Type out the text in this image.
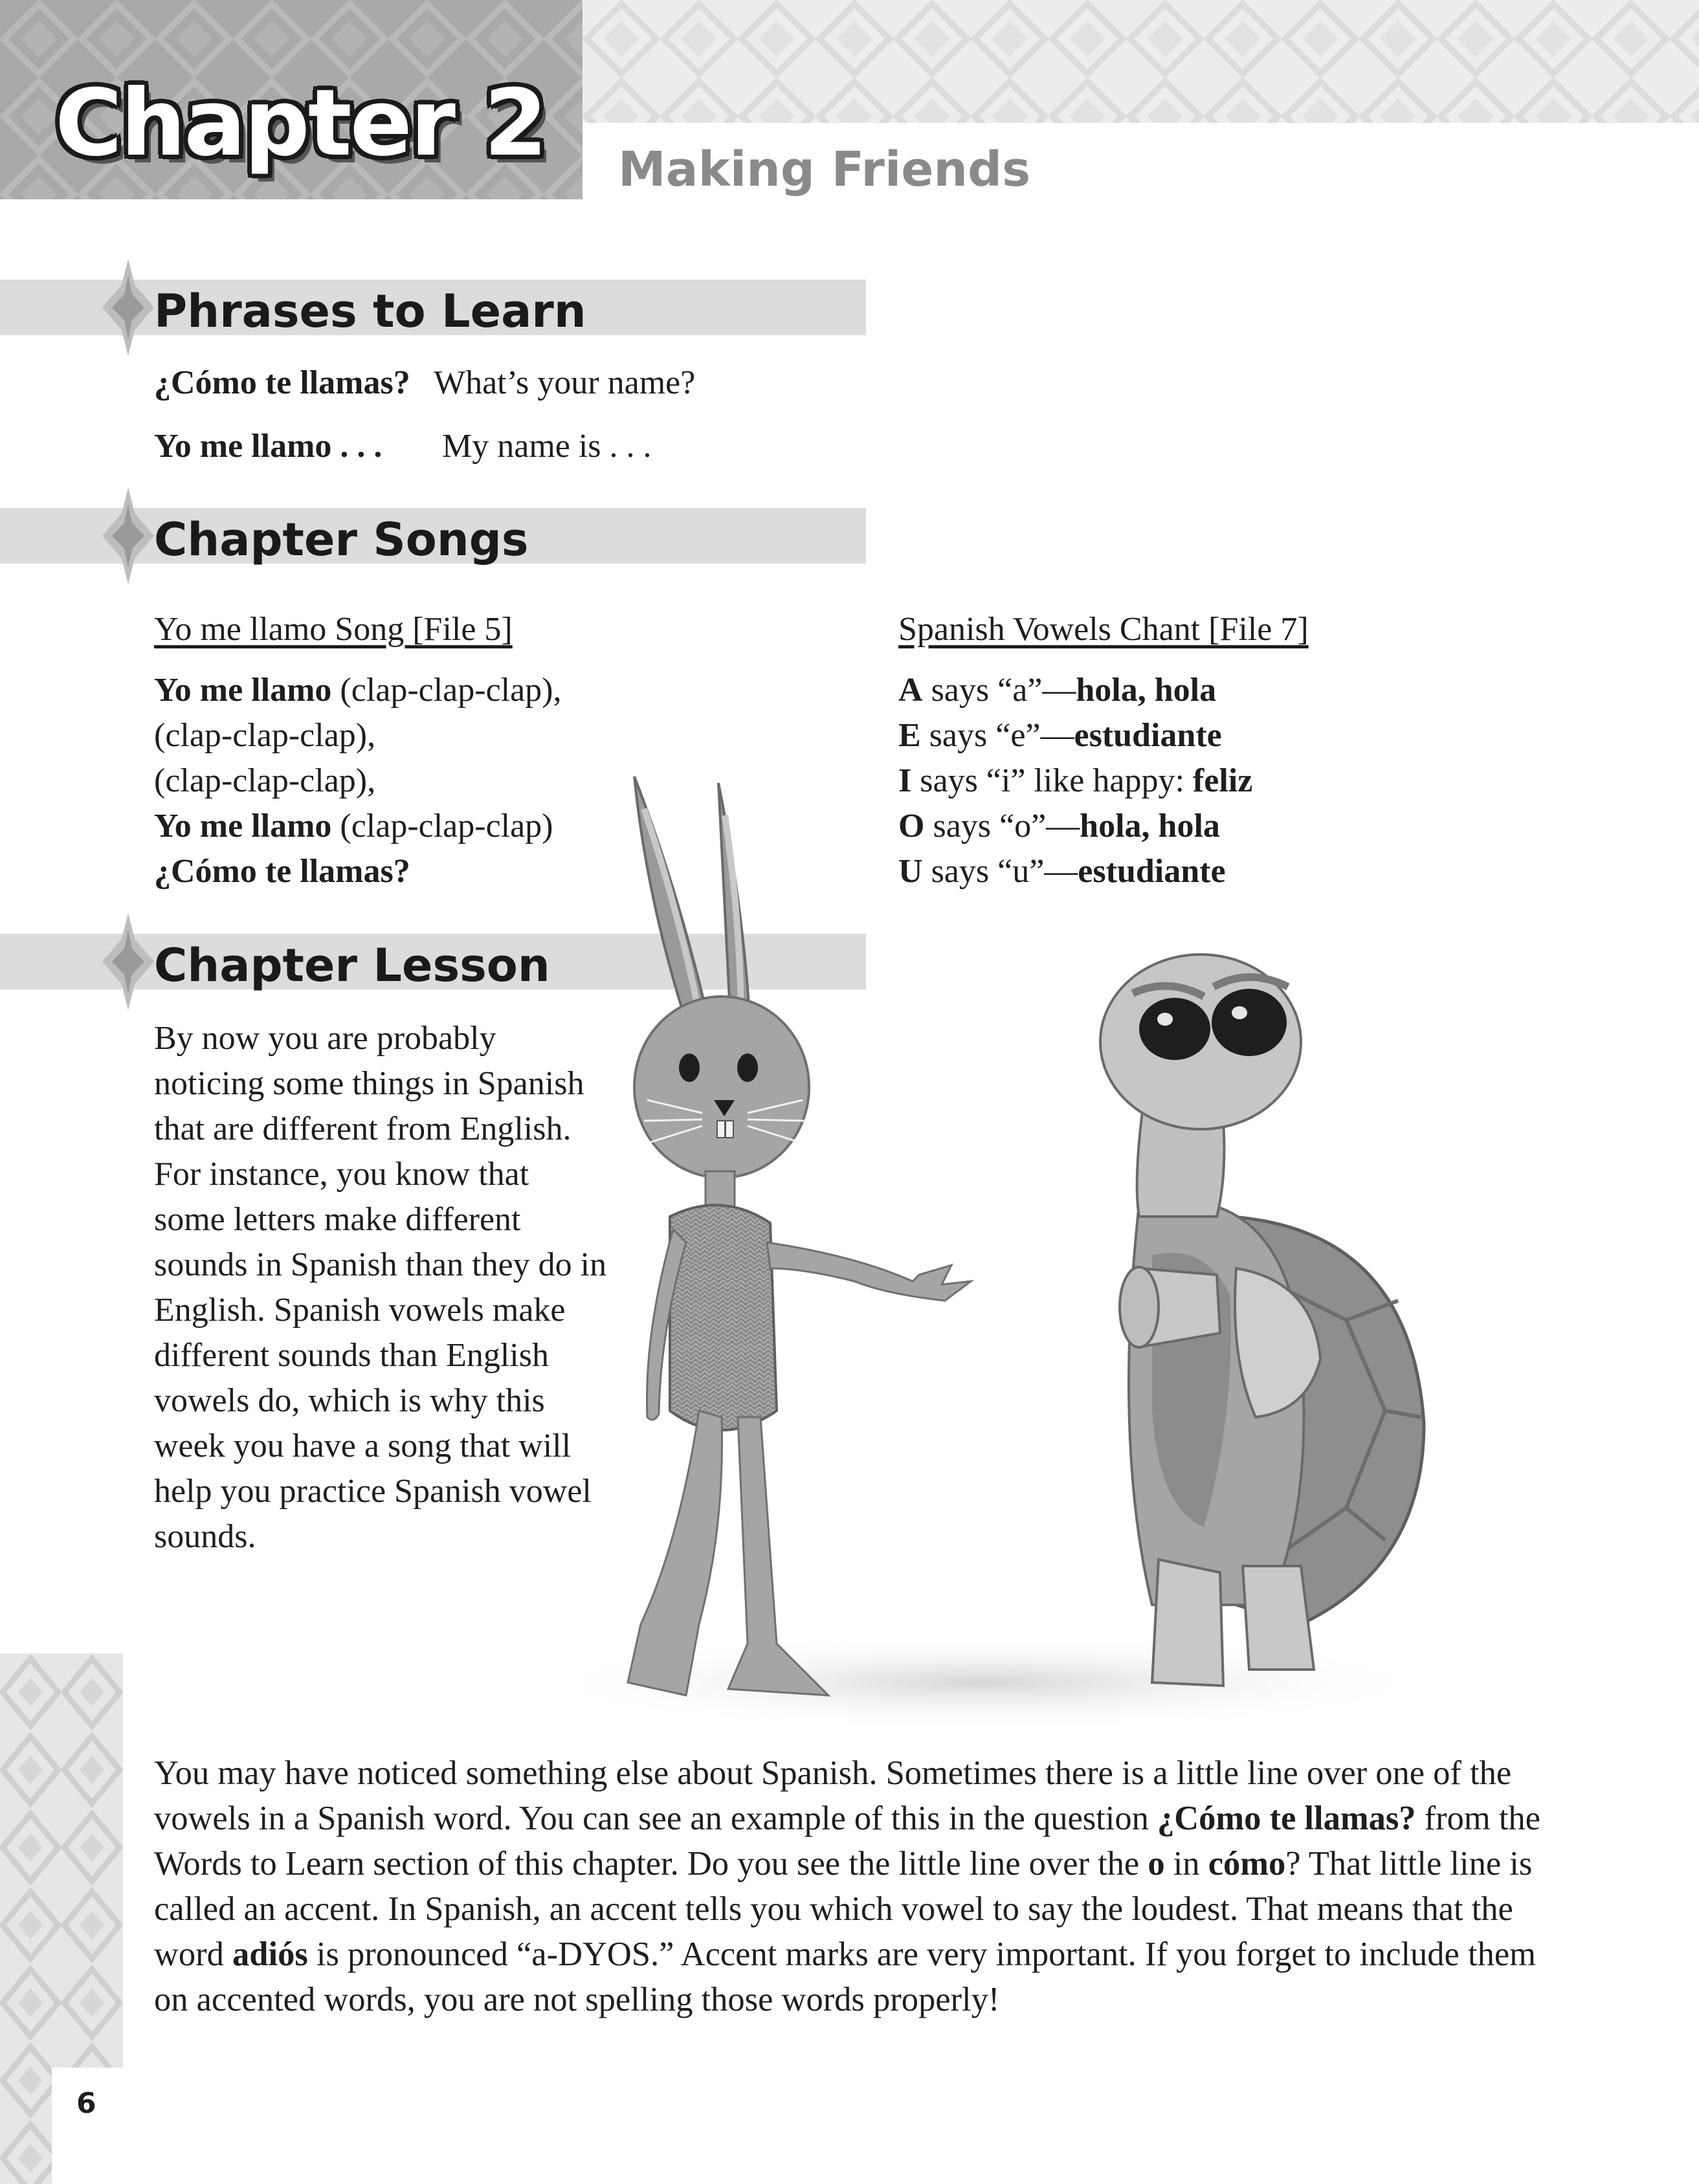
Chapter 2 Making Friends
Phrases to Learn
¿Cómo te llamas? What’s your name?
Yo me llamo . . . My name is . . .
Chapter Songs
Yo me llamo Song [File 5]
Yo me llamo (clap-clap-clap),
(clap-clap-clap),
(clap-clap-clap),
Yo me llamo (clap-clap-clap)
¿Cómo te llamas?
Spanish Vowels Chant [File 7]
A says “a”—hola, hola
E says “e”—estudiante
I says “i” like happy: feliz
O says “o”—hola, hola
U says “u”—estudiante
Chapter Lesson
By now you are probably noticing some things in Spanish that are different from English. For instance, you know that some letters make different sounds in Spanish than they do in English. Spanish vowels make different sounds than English vowels do, which is why this week you have a song that will help you practice Spanish vowel sounds.
You may have noticed something else about Spanish. Sometimes there is a little line over one of the vowels in a Spanish word. You can see an example of this in the question ¿Cómo te llamas? from the Words to Learn section of this chapter. Do you see the little line over the o in cómo? That little line is called an accent. In Spanish, an accent tells you which vowel to say the loudest. That means that the word adiós is pronounced “a-DYOS.” Accent marks are very important. If you forget to include them on accented words, you are not spelling those words properly!
6
